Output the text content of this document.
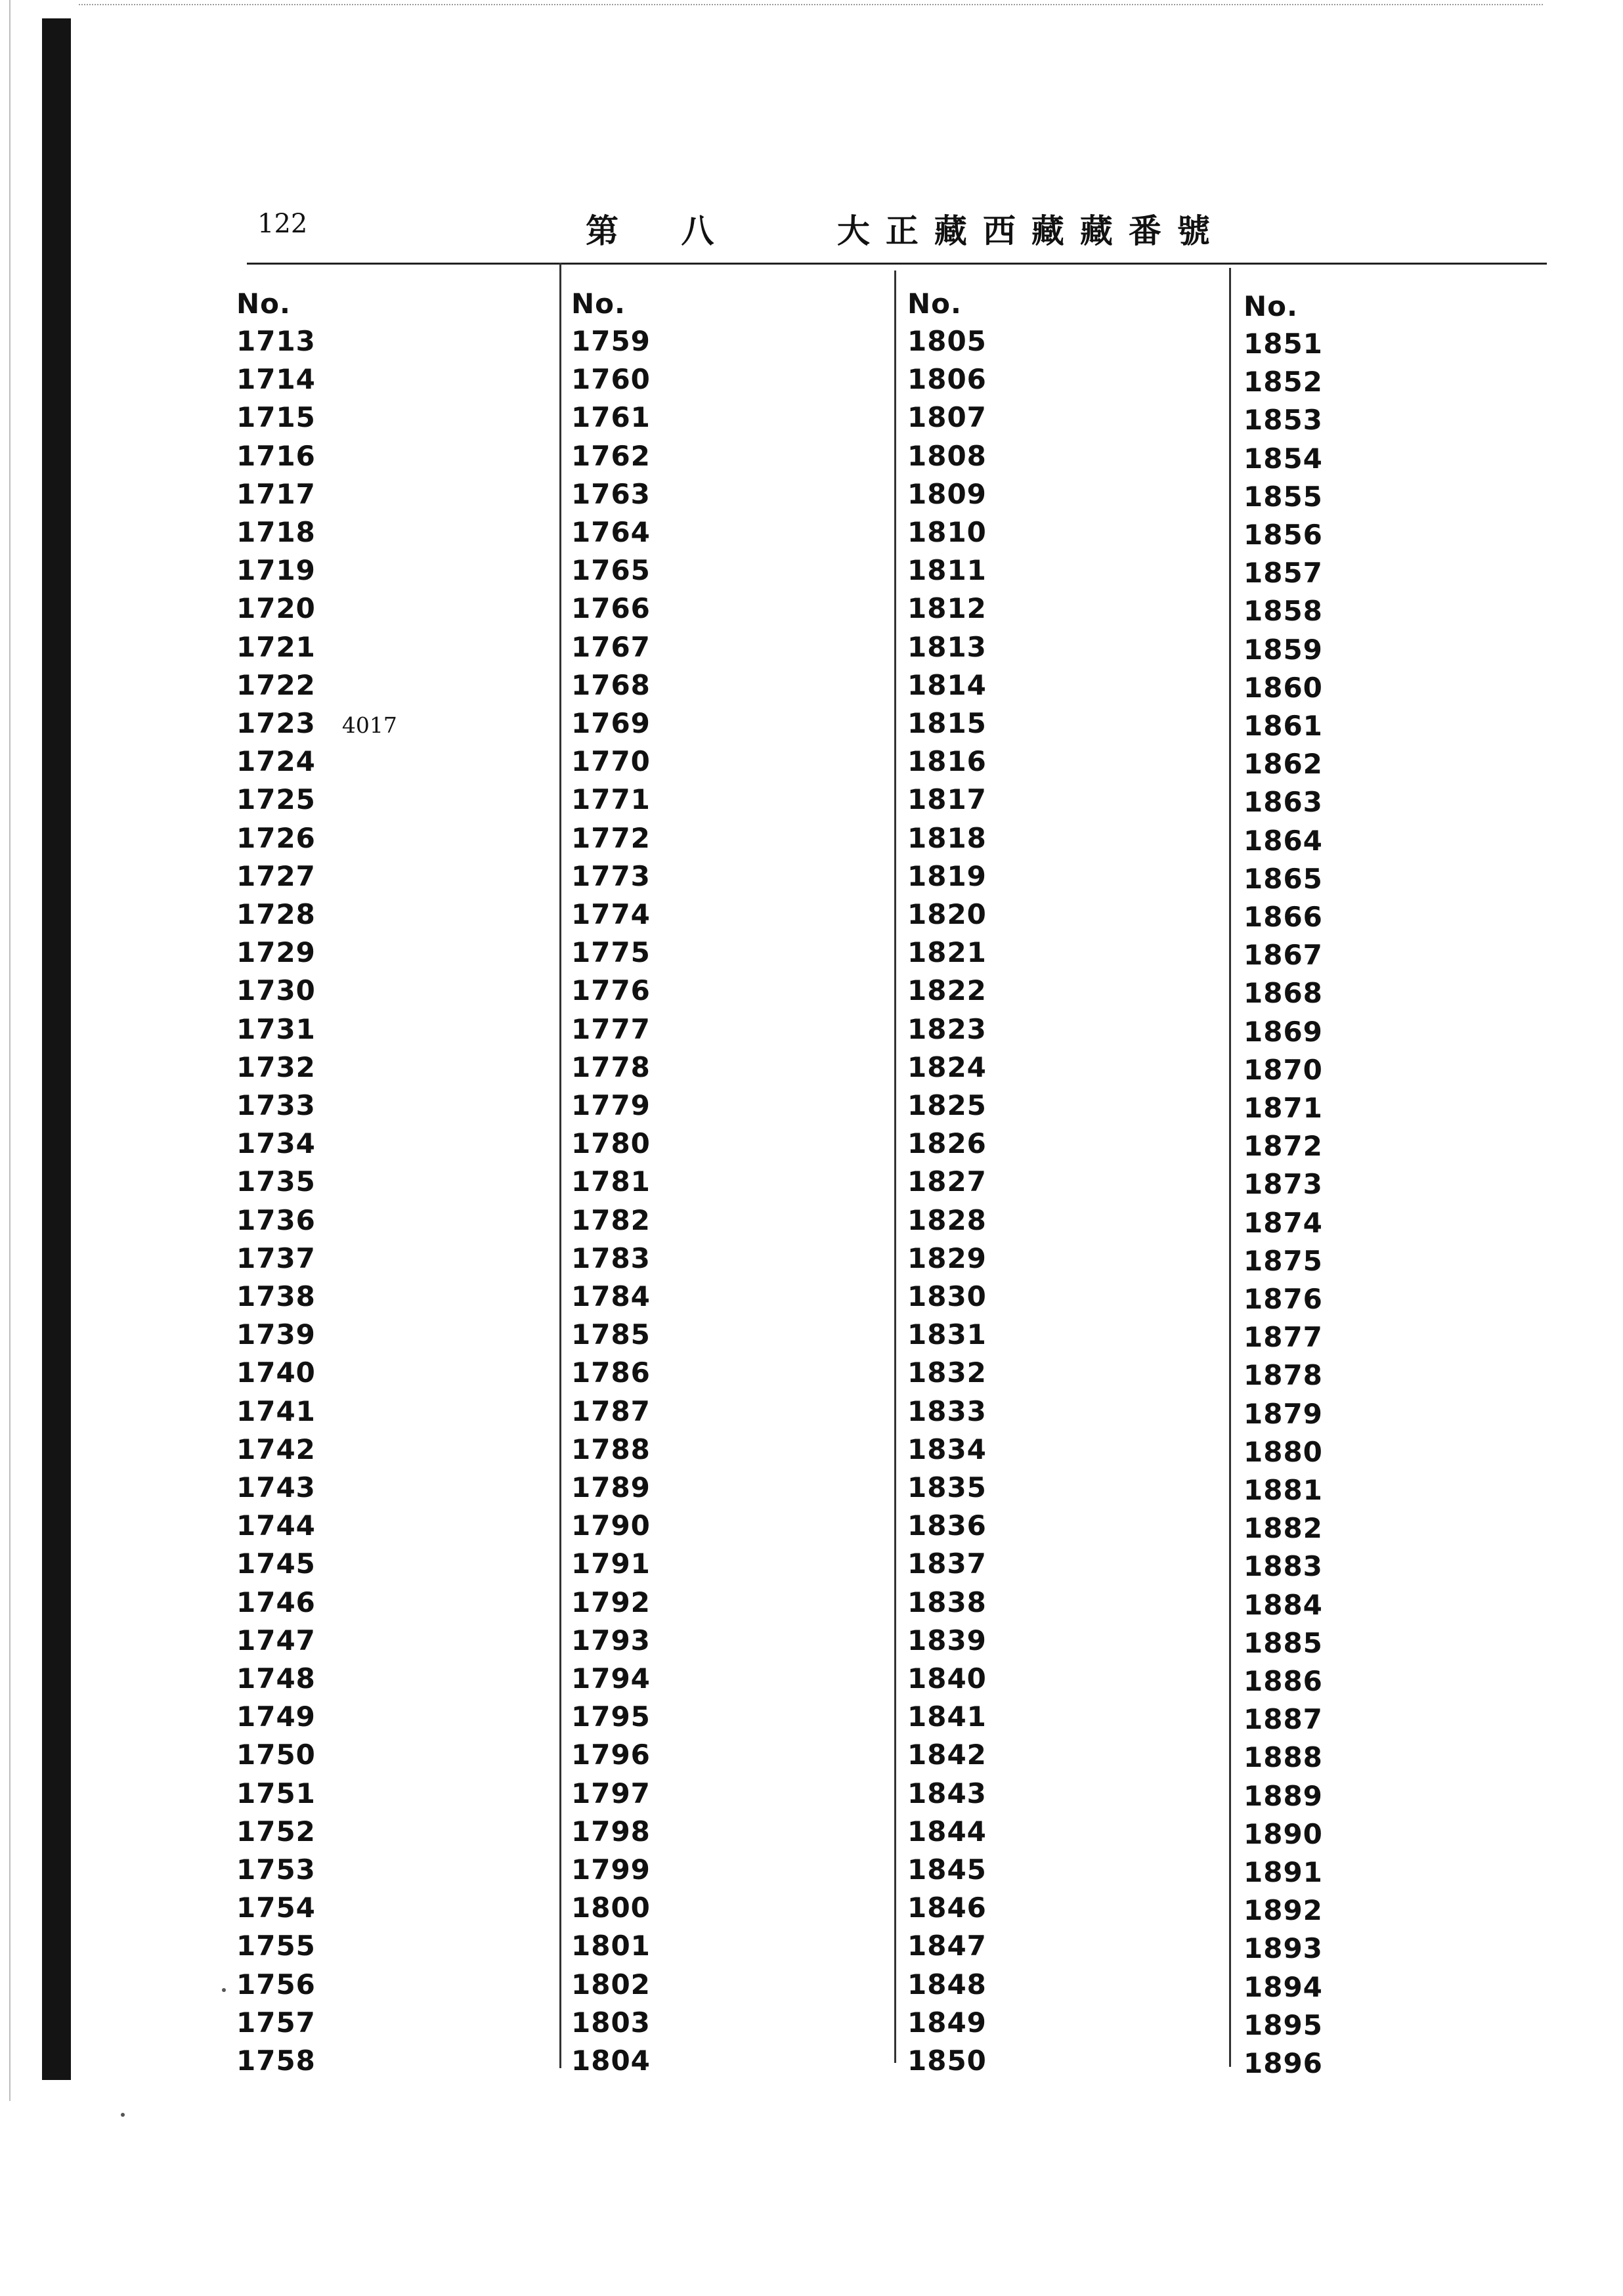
122	第 八	大正藏西藏藏番號
No.
1713
1714
1715
1716
1717
1718
1719
1720
1721
1722
1723 4017
1724
1725
1726
1727
1728
1729
1730
1731
1732
1733
1734
1735
1736
1737
1738
1739
1740
1741
1742
1743
1744
1745
1746
1747
1748
1749
1750
1751
1752
1753
1754
1755
1756
1757
1758
No.
1759
1760
1761
1762
1763
1764
1765
1766
1767
1768
1769
1770
1771
1772
1773
1774
1775
1776
1777
1778
1779
1780
1781
1782
1783
1784
1785
1786
1787
1788
1789
1790
1791
1792
1793
1794
1795
1796
1797
1798
1799
1800
1801
1802
1803
1804
No.
1805
1806
1807
1808
1809
1810
1811
1812
1813
1814
1815
1816
1817
1818
1819
1820
1821
1822
1823
1824
1825
1826
1827
1828
1829
1830
1831
1832
1833
1834
1835
1836
1837
1838
1839
1840
1841
1842
1843
1844
1845
1846
1847
1848
1849
1850
No.
1851
1852
1853
1854
1855
1856
1857
1858
1859
1860
1861
1862
1863
1864
1865
1866
1867
1868
1869
1870
1871
1872
1873
1874
1875
1876
1877
1878
1879
1880
1881
1882
1883
1884
1885
1886
1887
1888
1889
1890
1891
1892
1893
1894
1895
1896
